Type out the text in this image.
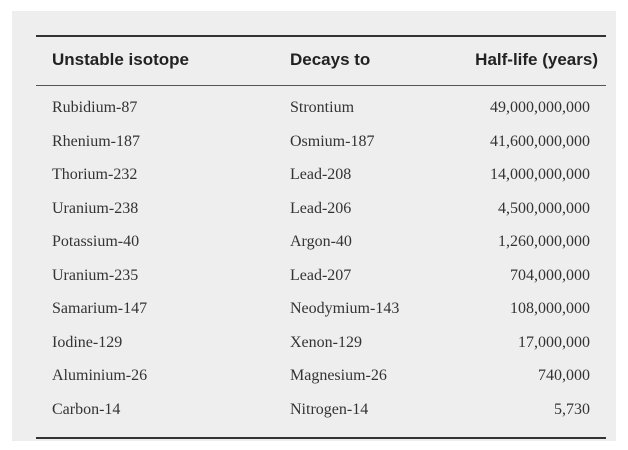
Unstable isotope	Decays to	Half-life (years)
Rubidium-87	Strontium	49,000,000,000
Rhenium-187	Osmium-187	41,600,000,000
Thorium-232	Lead-208	14,000,000,000
Uranium-238	Lead-206	4,500,000,000
Potassium-40	Argon-40	1,260,000,000
Uranium-235	Lead-207	704,000,000
Samarium-147	Neodymium-143	108,000,000
Iodine-129	Xenon-129	17,000,000
Aluminium-26	Magnesium-26	740,000
Carbon-14	Nitrogen-14	5,730
